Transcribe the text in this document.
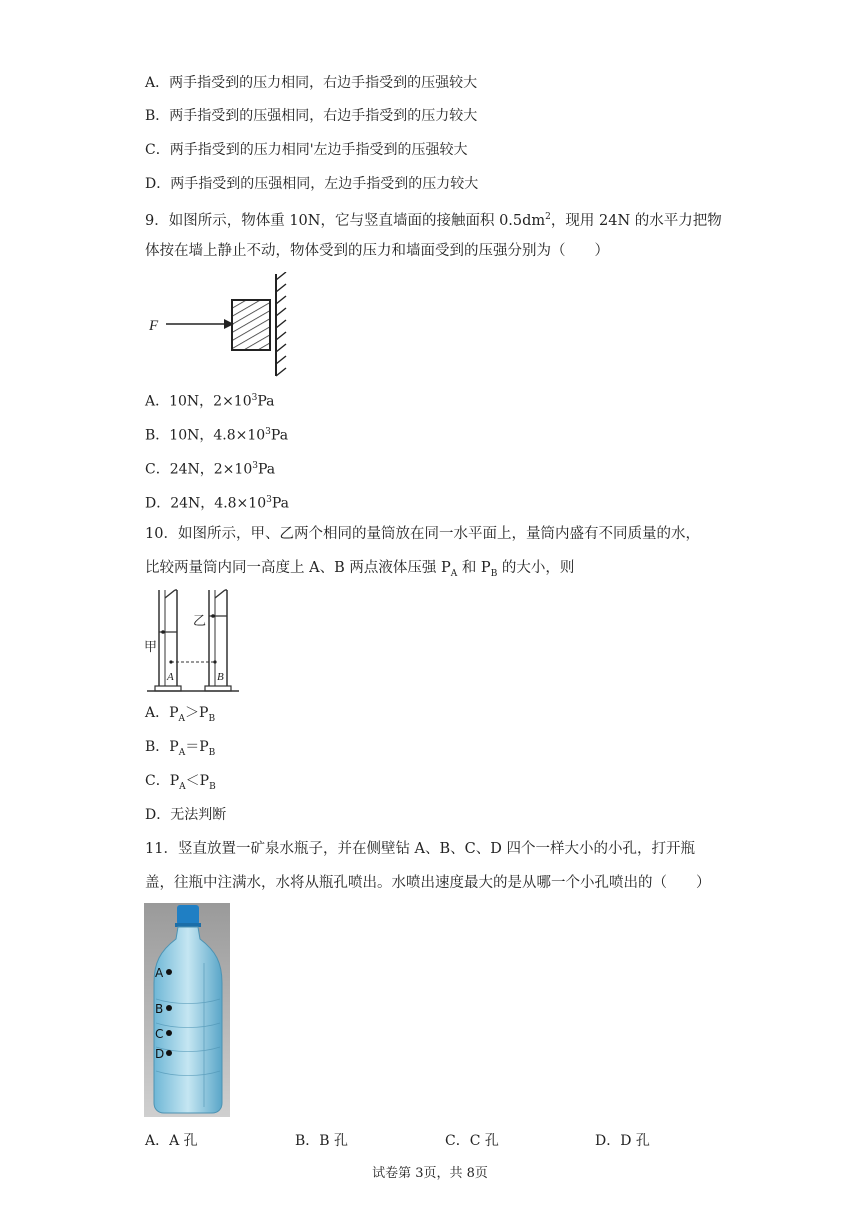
A．两手指受到的压力相同，右边手指受到的压强较大
B．两手指受到的压强相同，右边手指受到的压力较大
C．两手指受到的压力相同'左边手指受到的压强较大
D．两手指受到的压强相同，左边手指受到的压力较大
9．如图所示，物体重 10N，它与竖直墙面的接触面积 $0.5dm^2$，现用 24N 的水平力把物
体按在墙上静止不动，物体受到的压力和墙面受到的压强分别为（　　）
F
A．10N，$2\times 10^3Pa$
B．10N，$4.8\times 10^3Pa$
C．24N，$2\times 10^3Pa$
D．24N，$4.8\times 10^3Pa$
10．如图所示，甲、乙两个相同的量筒放在同一水平面上，量筒内盛有不同质量的水，
比较两量筒内同一高度上 A、B 两点液体压强 $P_A$ 和 $P_B$ 的大小，则
甲
乙
A	B
A．$P_A>P_B$
B．$P_A=P_B$
C．$P_A<P_B$
D．无法判断
11．竖直放置一矿泉水瓶子，并在侧壁钻 A、B、C、D 四个一样大小的小孔，打开瓶
盖，往瓶中注满水，水将从瓶孔喷出。水喷出速度最大的是从哪一个小孔喷出的（　　）
A
B
C
D
A．A 孔	B．B 孔	C．C 孔	D．D 孔
试卷第 3页，共 8页
